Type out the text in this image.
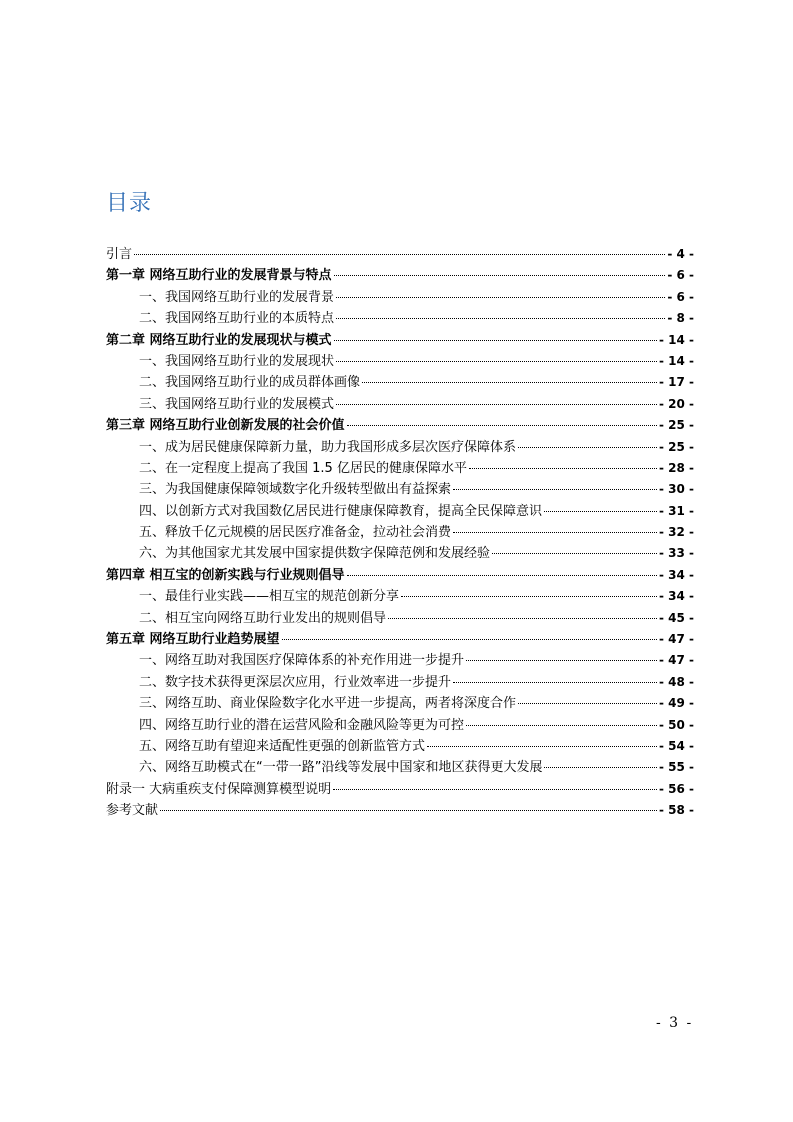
目录
引言	- 4 -
第一章 网络互助行业的发展背景与特点	- 6 -
一、我国网络互助行业的发展背景	- 6 -
二、我国网络互助行业的本质特点	- 8 -
第二章 网络互助行业的发展现状与模式	- 14 -
一、我国网络互助行业的发展现状	- 14 -
二、我国网络互助行业的成员群体画像	- 17 -
三、我国网络互助行业的发展模式	- 20 -
第三章 网络互助行业创新发展的社会价值	- 25 -
一、成为居民健康保障新力量，助力我国形成多层次医疗保障体系	- 25 -
二、在一定程度上提高了我国 1.5 亿居民的健康保障水平	- 28 -
三、为我国健康保障领域数字化升级转型做出有益探索	- 30 -
四、以创新方式对我国数亿居民进行健康保障教育，提高全民保障意识	- 31 -
五、释放千亿元规模的居民医疗准备金，拉动社会消费	- 32 -
六、为其他国家尤其发展中国家提供数字保障范例和发展经验	- 33 -
第四章 相互宝的创新实践与行业规则倡导	- 34 -
一、最佳行业实践——相互宝的规范创新分享	- 34 -
二、相互宝向网络互助行业发出的规则倡导	- 45 -
第五章 网络互助行业趋势展望	- 47 -
一、网络互助对我国医疗保障体系的补充作用进一步提升	- 47 -
二、数字技术获得更深层次应用，行业效率进一步提升	- 48 -
三、网络互助、商业保险数字化水平进一步提高，两者将深度合作	- 49 -
四、网络互助行业的潜在运营风险和金融风险等更为可控	- 50 -
五、网络互助有望迎来适配性更强的创新监管方式	- 54 -
六、网络互助模式在“一带一路”沿线等发展中国家和地区获得更大发展	- 55 -
附录一 大病重疾支付保障测算模型说明	- 56 -
参考文献	- 58 -
- 3 -
